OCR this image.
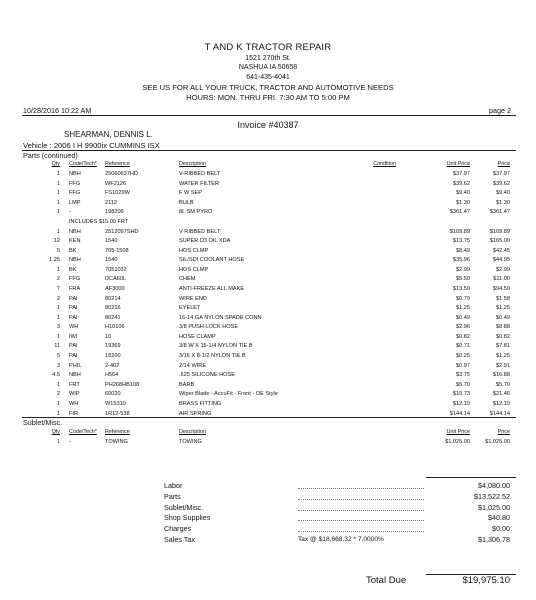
T AND K TRACTOR REPAIR
1521 270th St.
NASHUA IA 50658
641-435-4041
SEE US FOR ALL YOUR TRUCK, TRACTOR AND AUTOMOTIVE NEEDS
HOURS: MON. THRU FRI. 7:30 AM TO 5:00 PM
10/28/2016 10:22 AM	page 2
Invoice #40387
SHEARMAN, DENNIS L.
Vehicle : 2006 I H 9900ix CUMMINS ISX
Parts (continued)
Qty Code/Tech* Reference	Description	Condition	Unit Price	Price
1 NBH	25060637HD	V-RIBBED BELT	$37.97	$37.97
1 FFG	WF2126	WATER FILTER	$39.62	$39.62
1 FFG	FS1029W	F W SEP	$9.40	$9.40
1 LMP	2112	BULB	$1.30	$1.30
1 -	198206	8L SM PYRO	$361.47	$361.47
INCLUDES $15.00 FRT
1 NBH	2512097SHD	V RIBBED BELT	$109.89	$109.89
12 KEN	1540	SUPER D3 OIL XDA	$13.75	$165.00
5 BK	705-1508	HOS CLMP	$8.49	$42.45
1.25 NBH	1540	SIL/SDI COOLANT HOSE	$35.96	$44.95
1 BK	7051032	HOS CLMP	$2.99	$2.99
2 FFG	DCA60L	CHEM	$5.50	$11.00
7 FRA	AF3000	ANTI-FREEZE ALL MAKE	$13.50	$94.50
2 PAI	80214	WIRE END	$0.79	$1.58
1 PAI	80216	EYELET	$1.25	$1.25
1 PAI	80241	16-14 GA NYLON SPADE CONN	$0.49	$0.49
3 WH	H10106	3/8 PUSH LOCK HOSE	$2.96	$8.88
1 IWI	10	HOSE CLAMP	$0.82	$0.82
11 PAI	19369	3/8 W X 15-1/4 NYLON TIE B	$0.71	$7.81
5 PAI	18200	3/16 X 8-1/2 NYLON TIE B	$0.25	$1.25
3 PHIL	2-402	2/14 WIRE	$0.97	$2.91
4.5 NBH	H564	.625 SILICONE HOSE	$3.75	$16.88
1 FRT	PH268HB108	BARB	$5.70	$5.70
2 WIP	60020	Wiper Blade - AccuFit - Front - OE Style	$10.73	$21.46
1 WH	W15310	BRASS FITTING	$12.10	$12.10
1 FIR	1R12-538	AIR SPRING	$144.14	$144.14
Sublet/Misc.
Qty Code/Tech* Reference	Description	Unit Price	Price
1 -	TOWING	TOWING	$1,025.00	$1,025.00
Labor	$4,080.00
Parts	$13,522.52
Sublet/Misc.	$1,025.00
Shop Supplies	$40.80
Charges	$0.00
Sales Tax	Tax @ $18,668.32 * 7.0000%	$1,306.78
Total Due	$19,975.10
